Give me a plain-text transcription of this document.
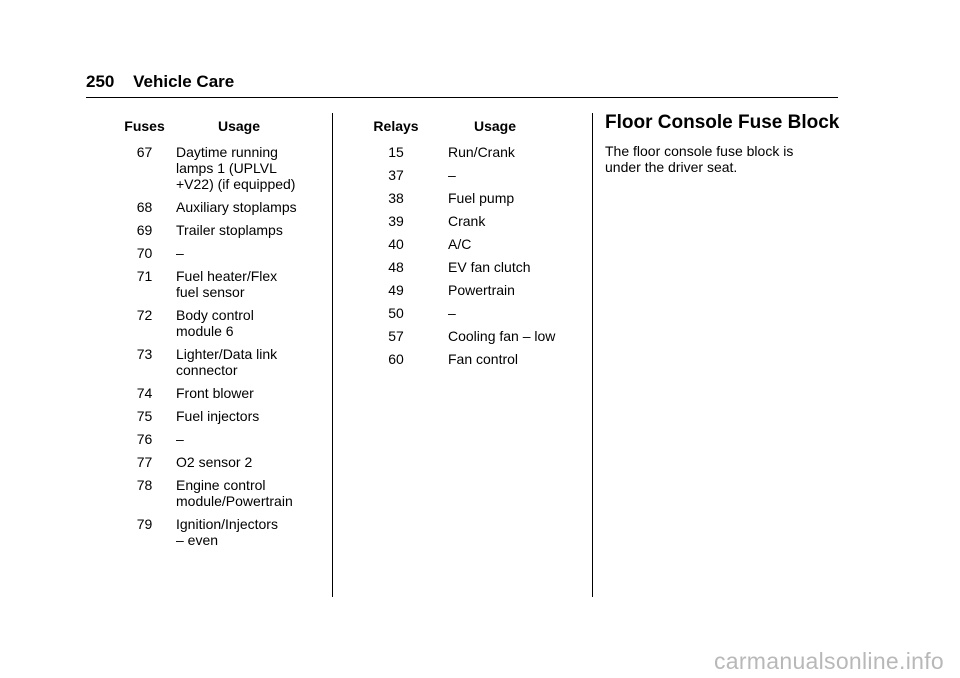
250 Vehicle Care
Fuses	Usage
67	Daytime running
lamps 1 (UPLVL
+V22) (if equipped)

68	Auxiliary stoplamps

69	Trailer stoplamps

70	–

71	Fuel heater/Flex
fuel sensor

72	Body control
module 6

73	Lighter/Data link
connector

74	Front blower

75	Fuel injectors

76	–

77	O2 sensor 2

78	Engine control
module/Powertrain

79	Ignition/Injectors
– even
Relays	Usage
15	Run/Crank
37	–
38	Fuel pump
39	Crank
40	A/C
48	EV fan clutch
49	Powertrain
50	–
57	Cooling fan – low
60	Fan control
Floor Console Fuse Block
The floor console fuse block is under the driver seat.
carmanualsonline.info
